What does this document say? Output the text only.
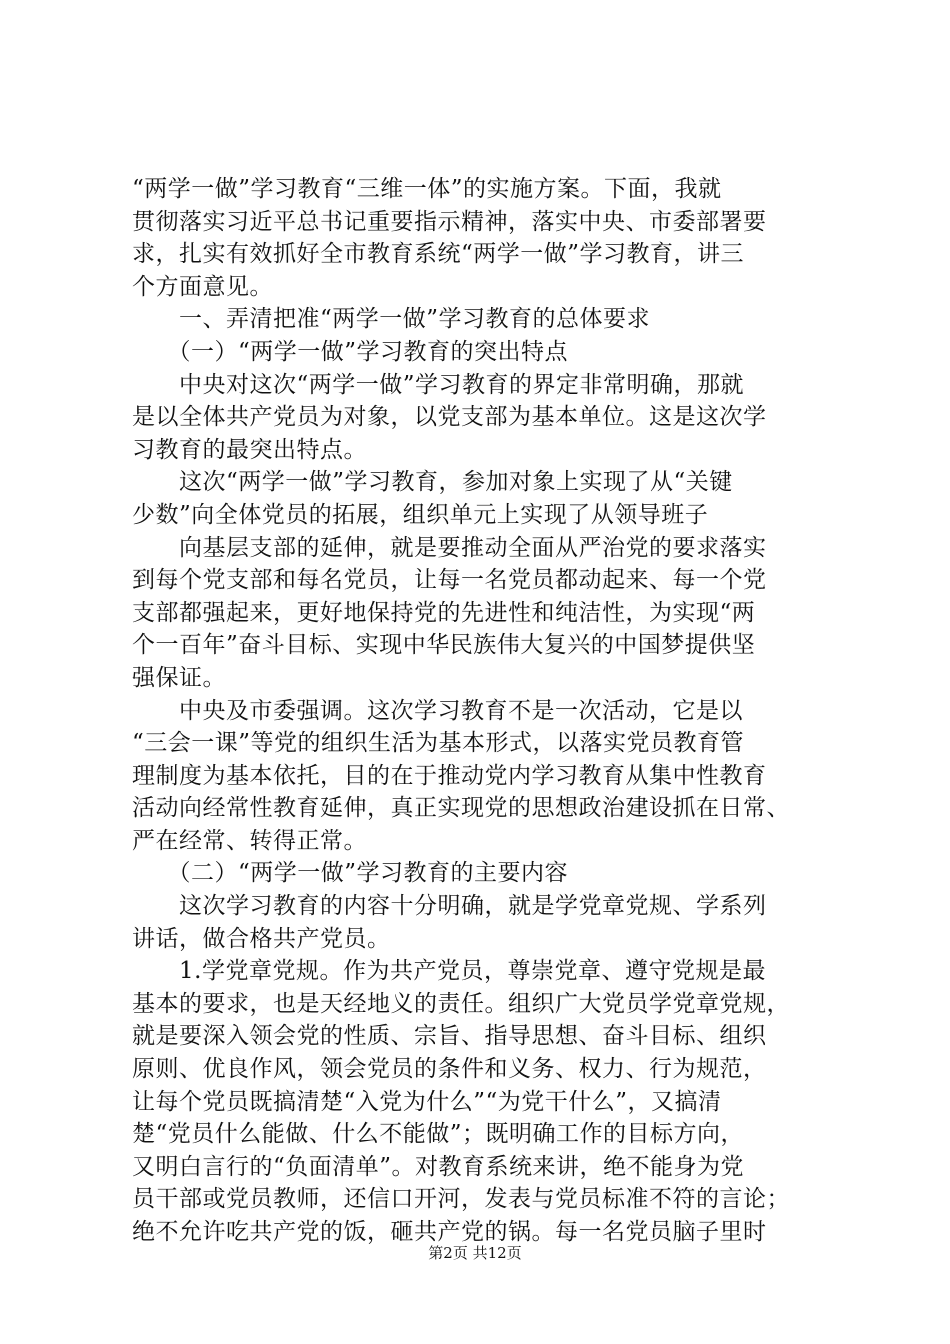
“两学一做”学习教育“三维一体”的实施方案。下面，我就
贯彻落实习近平总书记重要指示精神，落实中央、市委部署要
求，扎实有效抓好全市教育系统“两学一做”学习教育，讲三
个方面意见。
　　一、弄清把准“两学一做”学习教育的总体要求
　　（一）“两学一做”学习教育的突出特点
　　中央对这次“两学一做”学习教育的界定非常明确，那就
是以全体共产党员为对象，以党支部为基本单位。这是这次学
习教育的最突出特点。
　　这次“两学一做”学习教育，参加对象上实现了从“关键
少数”向全体党员的拓展，组织单元上实现了从领导班子
　　向基层支部的延伸，就是要推动全面从严治党的要求落实
到每个党支部和每名党员，让每一名党员都动起来、每一个党
支部都强起来，更好地保持党的先进性和纯洁性，为实现“两
个一百年”奋斗目标、实现中华民族伟大复兴的中国梦提供坚
强保证。
　　中央及市委强调。这次学习教育不是一次活动，它是以
“三会一课”等党的组织生活为基本形式，以落实党员教育管
理制度为基本依托，目的在于推动党内学习教育从集中性教育
活动向经常性教育延伸，真正实现党的思想政治建设抓在日常、
严在经常、转得正常。
　　（二）“两学一做”学习教育的主要内容
　　这次学习教育的内容十分明确，就是学党章党规、学系列
讲话，做合格共产党员。
　　1.学党章党规。作为共产党员，尊崇党章、遵守党规是最
基本的要求，也是天经地义的责任。组织广大党员学党章党规，
就是要深入领会党的性质、宗旨、指导思想、奋斗目标、组织
原则、优良作风，领会党员的条件和义务、权力、行为规范，
让每个党员既搞清楚“入党为什么”“为党干什么”，又搞清
楚“党员什么能做、什么不能做”；既明确工作的目标方向，
又明白言行的“负面清单”。对教育系统来讲，绝不能身为党
员干部或党员教师，还信口开河，发表与党员标准不符的言论；
绝不允许吃共产党的饭，砸共产党的锅。每一名党员脑子里时
第2页 共12页
